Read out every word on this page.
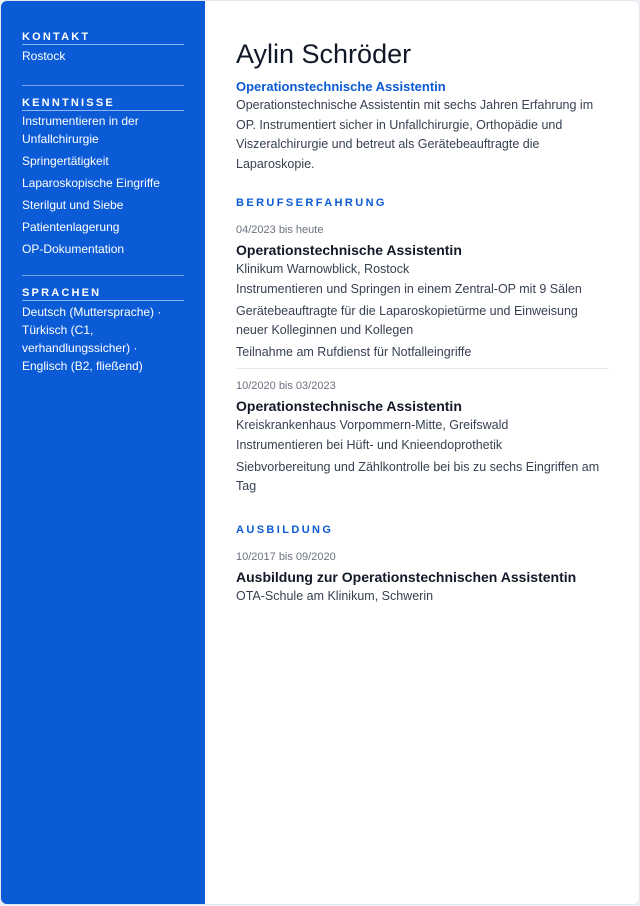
KONTAKT
Rostock
KENNTNISSE
Instrumentieren in der Unfallchirurgie
Springertätigkeit
Laparoskopische Eingriffe
Sterilgut und Siebe
Patientenlagerung
OP-Dokumentation
SPRACHEN
Deutsch (Muttersprache) · Türkisch (C1, verhandlungssicher) · Englisch (B2, fließend)
Aylin Schröder
Operationstechnische Assistentin
Operationstechnische Assistentin mit sechs Jahren Erfahrung im OP. Instrumentiert sicher in Unfallchirurgie, Orthopädie und Viszeralchirurgie und betreut als Gerätebeauftragte die Laparoskopie.
BERUFSERFAHRUNG
04/2023 bis heute
Operationstechnische Assistentin
Klinikum Warnowblick, Rostock
Instrumentieren und Springen in einem Zentral-OP mit 9 Sälen
Gerätebeauftragte für die Laparoskopietürme und Einweisung neuer Kolleginnen und Kollegen
Teilnahme am Rufdienst für Notfalleingriffe
10/2020 bis 03/2023
Operationstechnische Assistentin
Kreiskrankenhaus Vorpommern-Mitte, Greifswald
Instrumentieren bei Hüft- und Knieendoprothetik
Siebvorbereitung und Zählkontrolle bei bis zu sechs Eingriffen am Tag
AUSBILDUNG
10/2017 bis 09/2020
Ausbildung zur Operationstechnischen Assistentin
OTA-Schule am Klinikum, Schwerin
